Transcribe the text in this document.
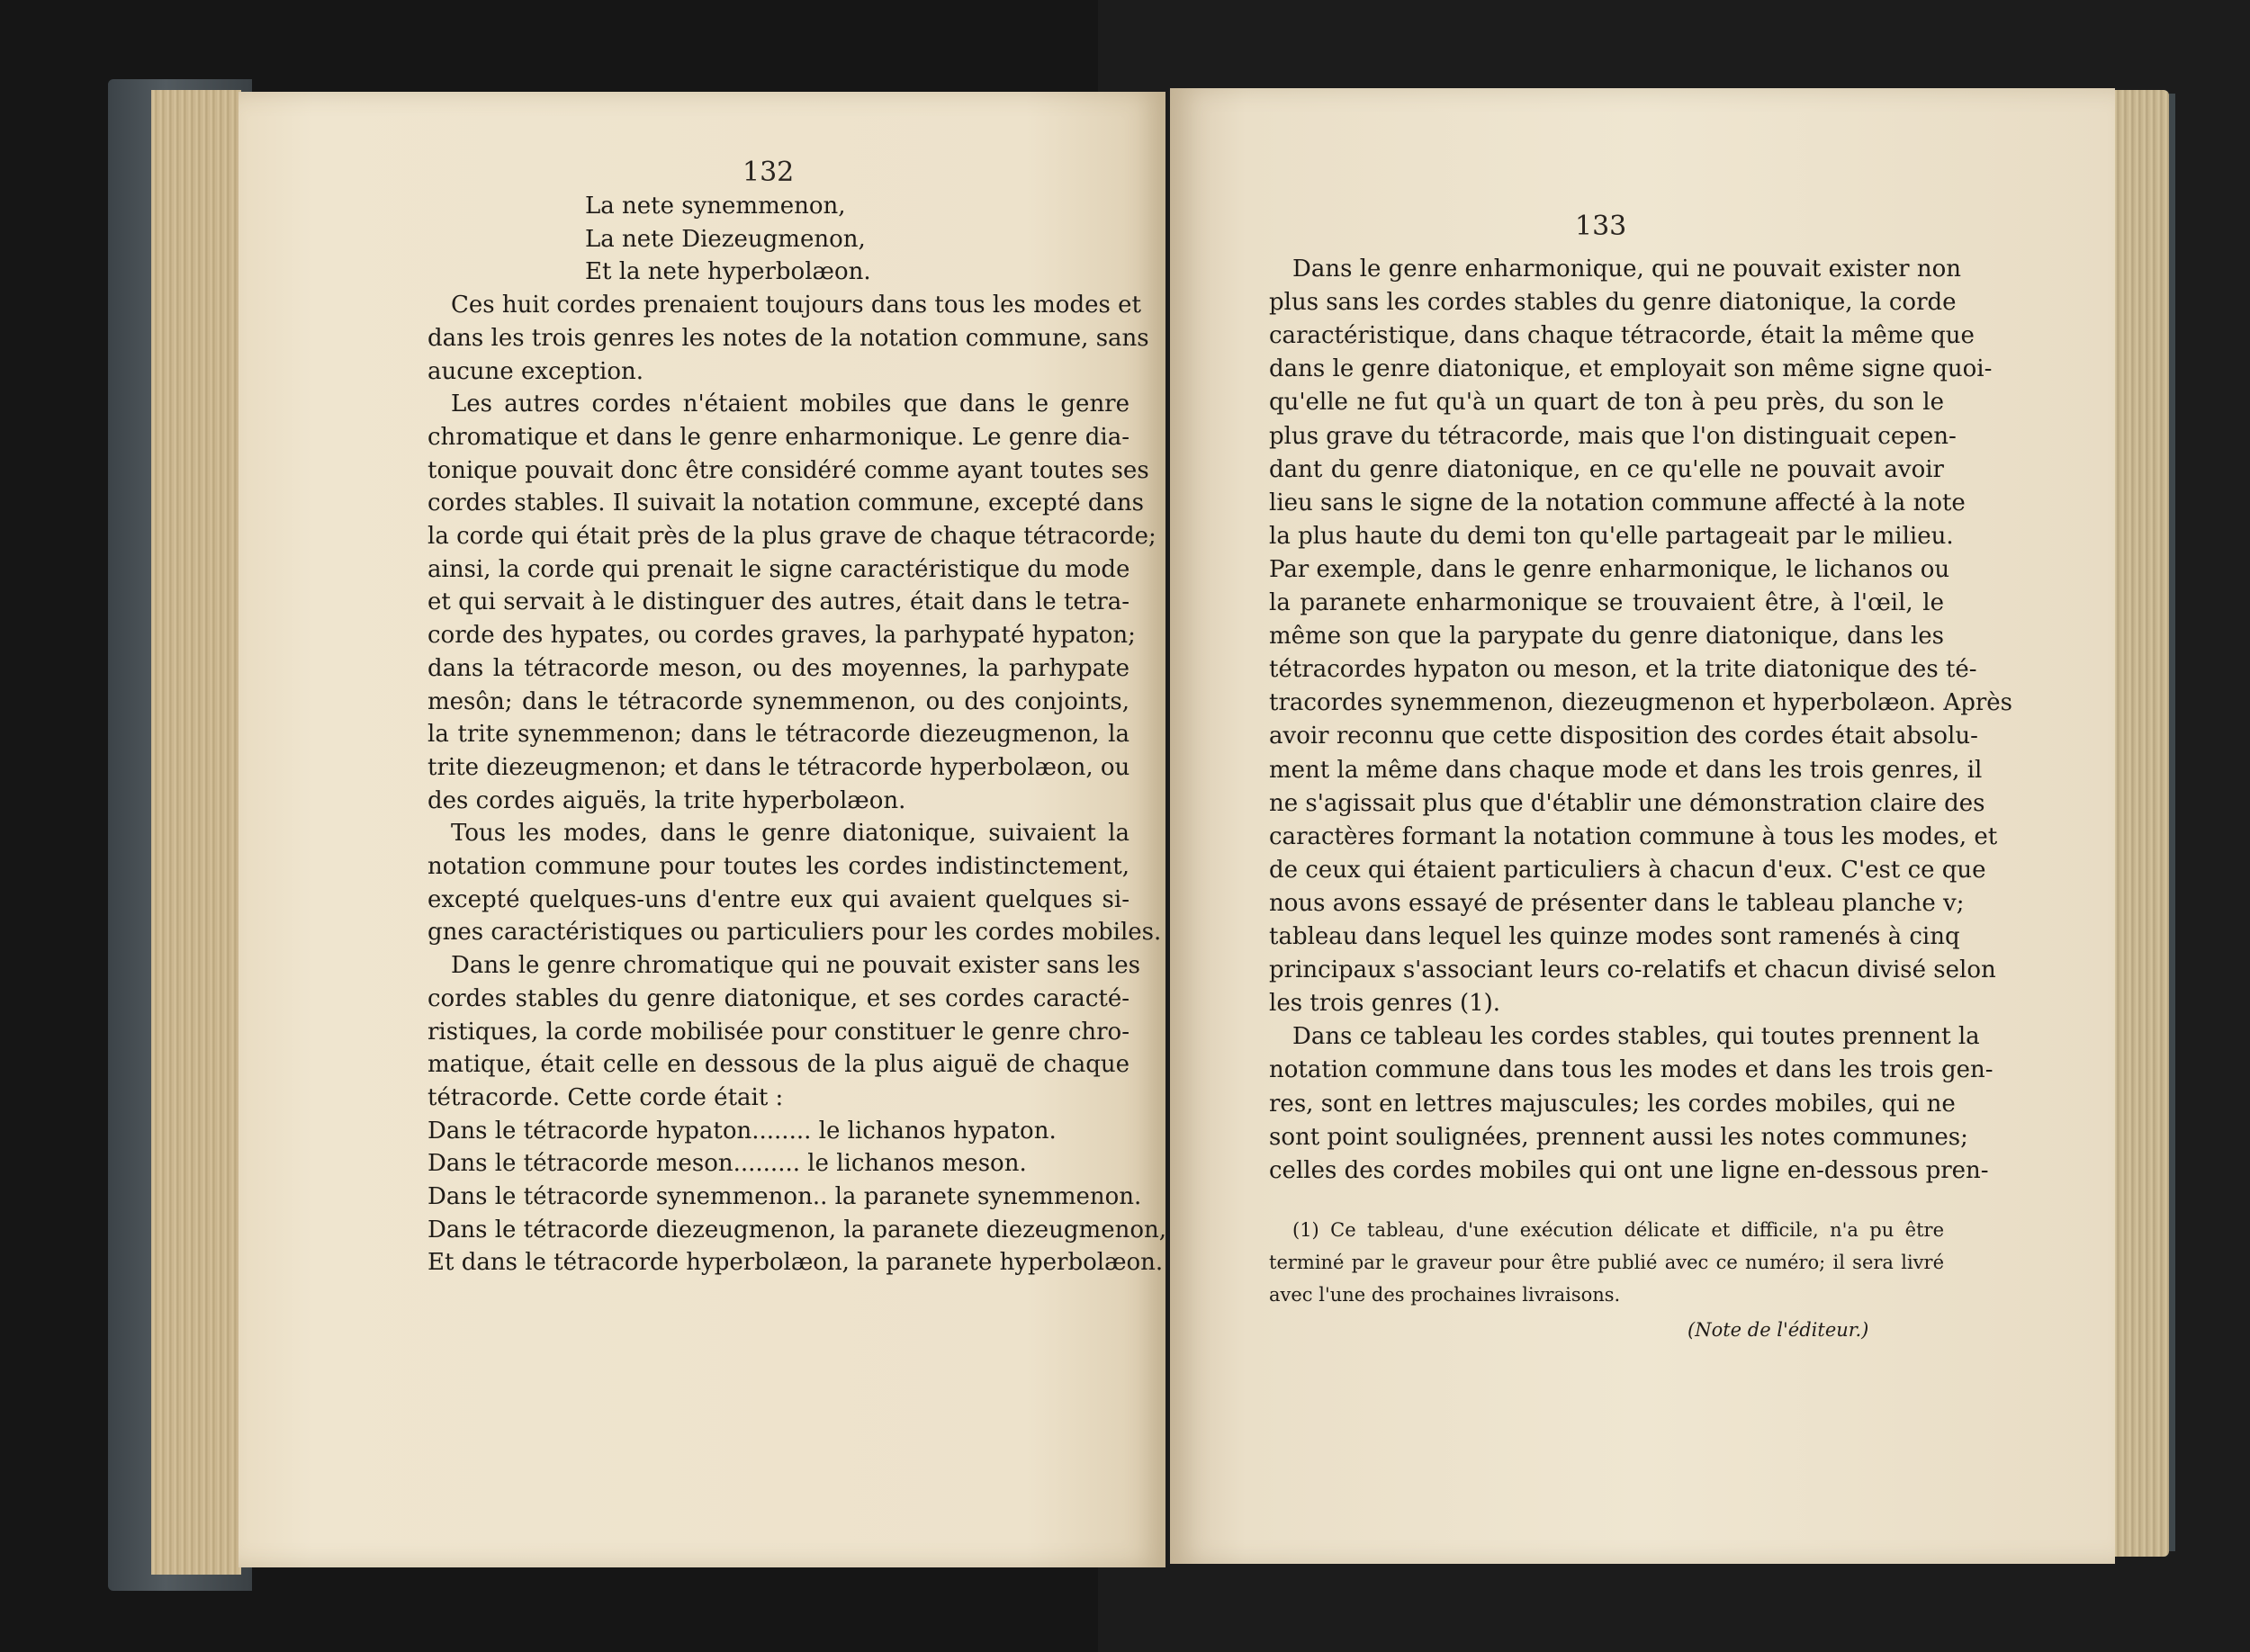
132
La nete synemmenon,
La nete Diezeugmenon,
Et la nete hyperbolæon.
Ces huit cordes prenaient toujours dans tous les modes et
dans les trois genres les notes de la notation commune, sans
aucune exception.
Les autres cordes n'étaient mobiles que dans le genre
chromatique et dans le genre enharmonique. Le genre dia-
tonique pouvait donc être considéré comme ayant toutes ses
cordes stables. Il suivait la notation commune, excepté dans
la corde qui était près de la plus grave de chaque tétracorde;
ainsi, la corde qui prenait le signe caractéristique du mode
et qui servait à le distinguer des autres, était dans le tetra-
corde des hypates, ou cordes graves, la parhypaté hypaton;
dans la tétracorde meson, ou des moyennes, la parhypate
mesôn; dans le tétracorde synemmenon, ou des conjoints,
la trite synemmenon; dans le tétracorde diezeugmenon, la
trite diezeugmenon; et dans le tétracorde hyperbolæon, ou
des cordes aiguës, la trite hyperbolæon.
Tous les modes, dans le genre diatonique, suivaient la
notation commune pour toutes les cordes indistinctement,
excepté quelques-uns d'entre eux qui avaient quelques si-
gnes caractéristiques ou particuliers pour les cordes mobiles.
Dans le genre chromatique qui ne pouvait exister sans les
cordes stables du genre diatonique, et ses cordes caracté-
ristiques, la corde mobilisée pour constituer le genre chro-
matique, était celle en dessous de la plus aiguë de chaque
tétracorde. Cette corde était :
Dans le tétracorde hypaton........ le lichanos hypaton.
Dans le tétracorde meson......... le lichanos meson.
Dans le tétracorde synemmenon.. la paranete synemmenon.
Dans le tétracorde diezeugmenon, la paranete diezeugmenon,
Et dans le tétracorde hyperbolæon, la paranete hyperbolæon.
133
Dans le genre enharmonique, qui ne pouvait exister non
plus sans les cordes stables du genre diatonique, la corde
caractéristique, dans chaque tétracorde, était la même que
dans le genre diatonique, et employait son même signe quoi-
qu'elle ne fut qu'à un quart de ton à peu près, du son le
plus grave du tétracorde, mais que l'on distinguait cepen-
dant du genre diatonique, en ce qu'elle ne pouvait avoir
lieu sans le signe de la notation commune affecté à la note
la plus haute du demi ton qu'elle partageait par le milieu.
Par exemple, dans le genre enharmonique, le lichanos ou
la paranete enharmonique se trouvaient être, à l'œil, le
même son que la parypate du genre diatonique, dans les
tétracordes hypaton ou meson, et la trite diatonique des té-
tracordes synemmenon, diezeugmenon et hyperbolæon. Après
avoir reconnu que cette disposition des cordes était absolu-
ment la même dans chaque mode et dans les trois genres, il
ne s'agissait plus que d'établir une démonstration claire des
caractères formant la notation commune à tous les modes, et
de ceux qui étaient particuliers à chacun d'eux. C'est ce que
nous avons essayé de présenter dans le tableau planche v;
tableau dans lequel les quinze modes sont ramenés à cinq
principaux s'associant leurs co-relatifs et chacun divisé selon
les trois genres (1).
Dans ce tableau les cordes stables, qui toutes prennent la
notation commune dans tous les modes et dans les trois gen-
res, sont en lettres majuscules; les cordes mobiles, qui ne
sont point soulignées, prennent aussi les notes communes;
celles des cordes mobiles qui ont une ligne en-dessous pren-
(1) Ce tableau, d'une exécution délicate et difficile, n'a pu être
terminé par le graveur pour être publié avec ce numéro; il sera livré
avec l'une des prochaines livraisons.
(Note de l'éditeur.)
